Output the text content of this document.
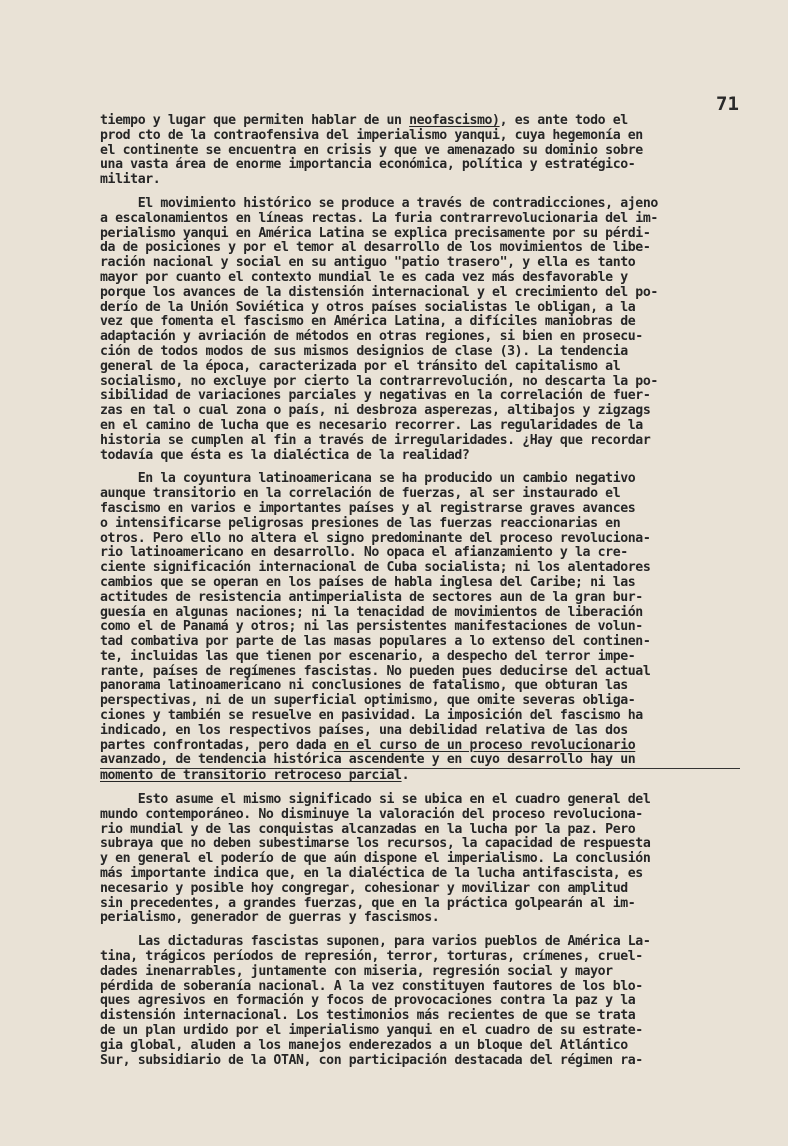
71
tiempo y lugar que permiten hablar de un neofascismo), es ante todo el
prod cto de la contraofensiva del imperialismo yanqui, cuya hegemonía en
el continente se encuentra en crisis y que ve amenazado su dominio sobre
una vasta área de enorme importancia económica, política y estratégico-
militar.
El movimiento histórico se produce a través de contradicciones, ajeno
a escalonamientos en líneas rectas. La furia contrarrevolucionaria del im-
perialismo yanqui en América Latina se explica precisamente por su pérdi-
da de posiciones y por el temor al desarrollo de los movimientos de libe-
ración nacional y social en su antiguo "patio trasero", y ella es tanto
mayor por cuanto el contexto mundial le es cada vez más desfavorable y
porque los avances de la distensión internacional y el crecimiento del po-
derío de la Unión Soviética y otros países socialistas le obligan, a la
vez que fomenta el fascismo en América Latina, a difíciles maniobras de
adaptación y avriación de métodos en otras regiones, si bien en prosecu-
ción de todos modos de sus mismos designios de clase (3). La tendencia
general de la época, caracterizada por el tránsito del capitalismo al
socialismo, no excluye por cierto la contrarrevolución, no descarta la po-
sibilidad de variaciones parciales y negativas en la correlación de fuer-
zas en tal o cual zona o país, ni desbroza asperezas, altibajos y zigzags
en el camino de lucha que es necesario recorrer. Las regularidades de la
historia se cumplen al fin a través de irregularidades. ¿Hay que recordar
todavía que ésta es la dialéctica de la realidad?
En la coyuntura latinoamericana se ha producido un cambio negativo
aunque transitorio en la correlación de fuerzas, al ser instaurado el
fascismo en varios e importantes países y al registrarse graves avances
o intensificarse peligrosas presiones de las fuerzas reaccionarias en
otros. Pero ello no altera el signo predominante del proceso revoluciona-
rio latinoamericano en desarrollo. No opaca el afianzamiento y la cre-
ciente significación internacional de Cuba socialista; ni los alentadores
cambios que se operan en los países de habla inglesa del Caribe; ni las
actitudes de resistencia antimperialista de sectores aun de la gran bur-
guesía en algunas naciones; ni la tenacidad de movimientos de liberación
como el de Panamá y otros; ni las persistentes manifestaciones de volun-
tad combativa por parte de las masas populares a lo extenso del continen-
te, incluidas las que tienen por escenario, a despecho del terror impe-
rante, países de regímenes fascistas. No pueden pues deducirse del actual
panorama latinoamericano ni conclusiones de fatalismo, que obturan las
perspectivas, ni de un superficial optimismo, que omite severas obliga-
ciones y también se resuelve en pasividad. La imposición del fascismo ha
indicado, en los respectivos países, una debilidad relativa de las dos
partes confrontadas, pero dada en el curso de un proceso revolucionario
avanzado, de tendencia histórica ascendente y en cuyo desarrollo hay un
momento de transitorio retroceso parcial.
Esto asume el mismo significado si se ubica en el cuadro general del
mundo contemporáneo. No disminuye la valoración del proceso revoluciona-
rio mundial y de las conquistas alcanzadas en la lucha por la paz. Pero
subraya que no deben subestimarse los recursos, la capacidad de respuesta
y en general el poderío de que aún dispone el imperialismo. La conclusión
más importante indica que, en la dialéctica de la lucha antifascista, es
necesario y posible hoy congregar, cohesionar y movilizar con amplitud
sin precedentes, a grandes fuerzas, que en la práctica golpearán al im-
perialismo, generador de guerras y fascismos.
Las dictaduras fascistas suponen, para varios pueblos de América La-
tina, trágicos períodos de represión, terror, torturas, crímenes, cruel-
dades inenarrables, juntamente con miseria, regresión social y mayor
pérdida de soberanía nacional. A la vez constituyen fautores de los blo-
ques agresivos en formación y focos de provocaciones contra la paz y la
distensión internacional. Los testimonios más recientes de que se trata
de un plan urdido por el imperialismo yanqui en el cuadro de su estrate-
gia global, aluden a los manejos enderezados a un bloque del Atlántico
Sur, subsidiario de la OTAN, con participación destacada del régimen ra-
